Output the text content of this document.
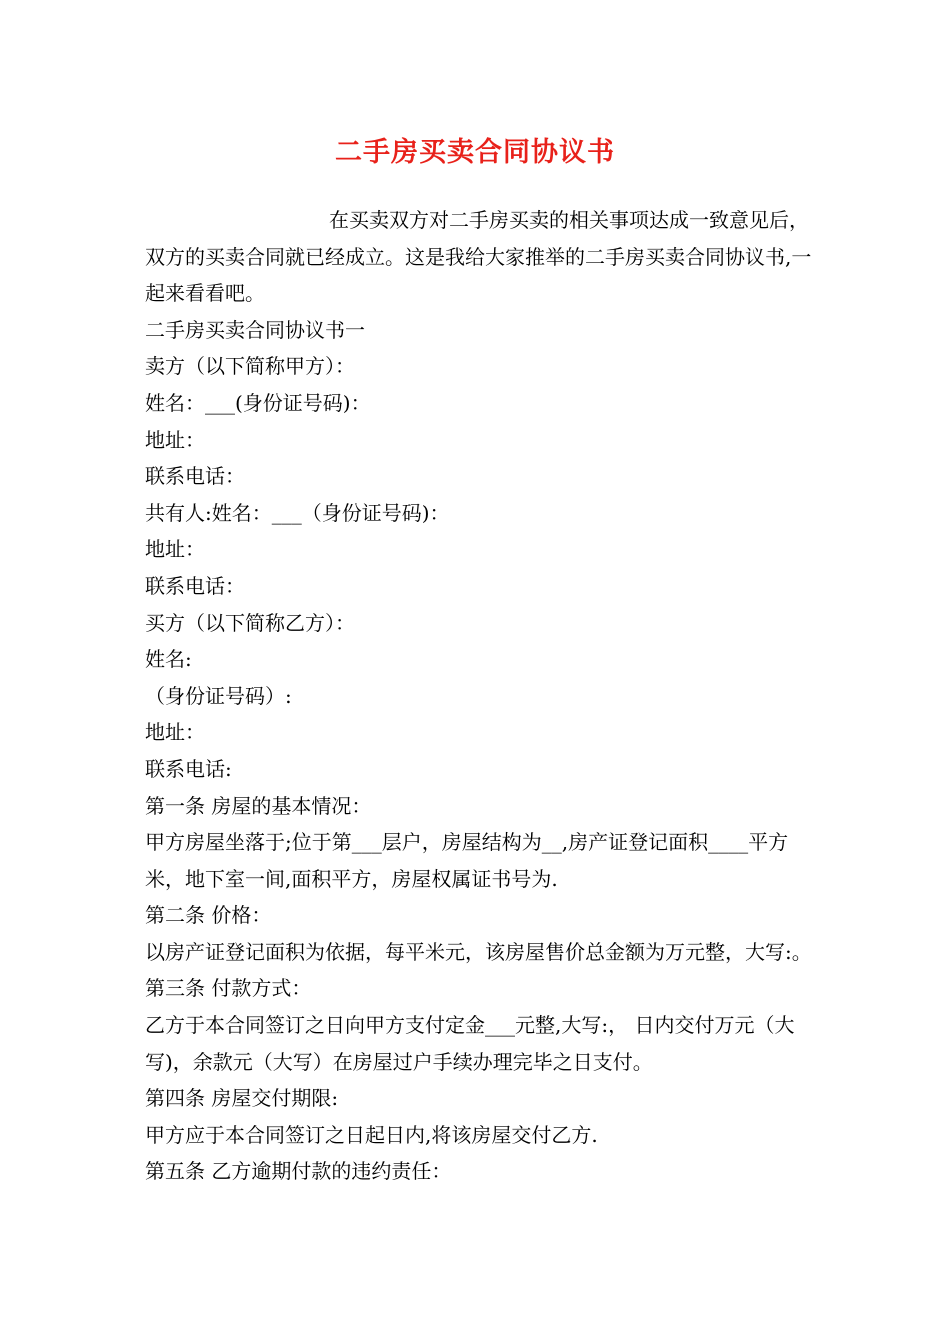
二手房买卖合同协议书

在买卖双方对二手房买卖的相关事项达成一致意见后，双方的买卖合同就已经成立。这是我给大家推举的二手房买卖合同协议书,一起来看看吧。

二手房买卖合同协议书一

卖方（以下简称甲方）：

姓名：___(身份证号码)：

地址：

联系电话：

共有人:姓名：___（身份证号码)：

地址：

联系电话：

买方（以下简称乙方）：

姓名:

（身份证号码）:

地址：

联系电话:

第一条 房屋的基本情况：

甲方房屋坐落于;位于第___层户，房屋结构为__,房产证登记面积____平方米，地下室一间,面积平方，房屋权属证书号为.

第二条 价格：

以房产证登记面积为依据，每平米元，该房屋售价总金额为万元整，大写:。

第三条 付款方式：

乙方于本合同签订之日向甲方支付定金___元整,大写:， 日内交付万元（大写)，余款元（大写）在房屋过户手续办理完毕之日支付。

第四条 房屋交付期限:

甲方应于本合同签订之日起日内,将该房屋交付乙方.

第五条 乙方逾期付款的违约责任：
